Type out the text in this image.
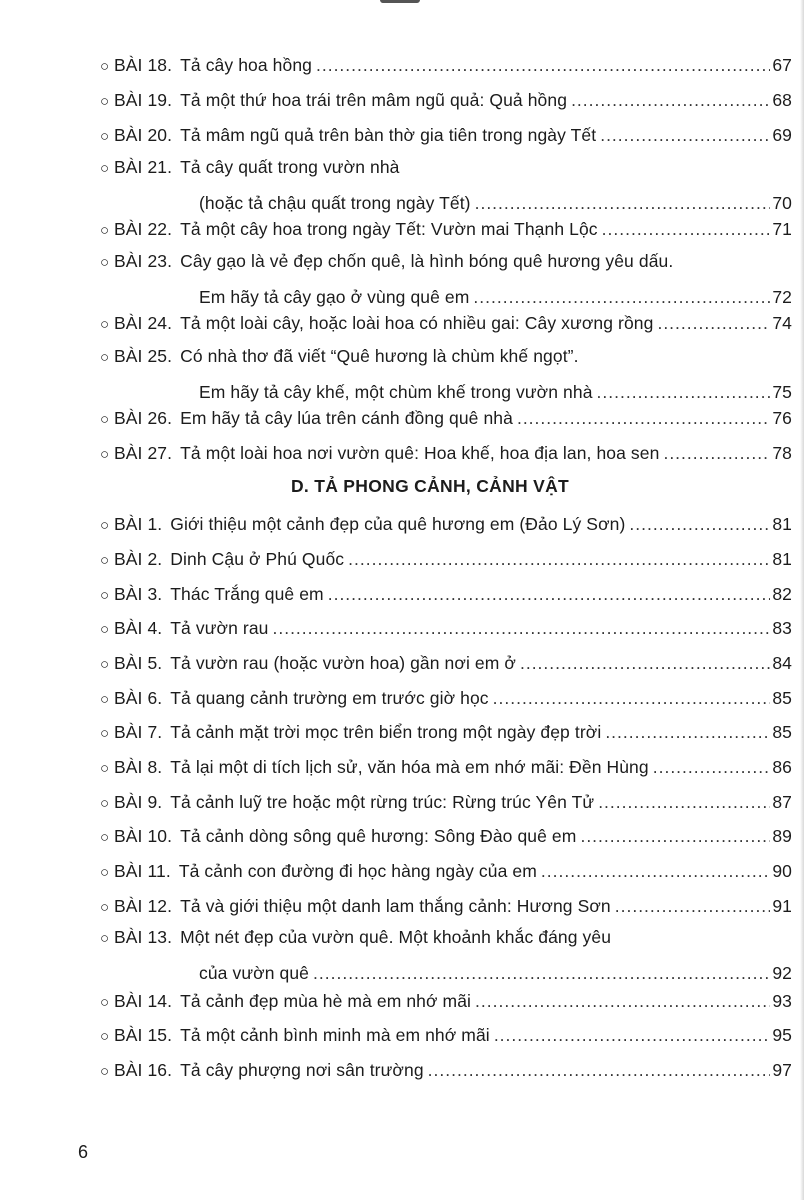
○ BÀI 18. Tả cây hoa hồng .....	67
○ BÀI 19. Tả một thứ hoa trái trên mâm ngũ quả: Quả hồng .....	68
○ BÀI 20. Tả mâm ngũ quả trên bàn thờ gia tiên trong ngày Tết .....	69
○ BÀI 21. Tả cây quất trong vườn nhà
(hoặc tả chậu quất trong ngày Tết) .....	70
○ BÀI 22. Tả một cây hoa trong ngày Tết: Vườn mai Thạnh Lộc .....	71
○ BÀI 23. Cây gạo là vẻ đẹp chốn quê, là hình bóng quê hương yêu dấu.
Em hãy tả cây gạo ở vùng quê em .....	72
○ BÀI 24. Tả một loài cây, hoặc loài hoa có nhiều gai: Cây xương rồng .....	74
○ BÀI 25. Có nhà thơ đã viết “Quê hương là chùm khế ngọt”.
Em hãy tả cây khế, một chùm khế trong vườn nhà .....	75
○ BÀI 26. Em hãy tả cây lúa trên cánh đồng quê nhà .....	76
○ BÀI 27. Tả một loài hoa nơi vườn quê: Hoa khế, hoa địa lan, hoa sen .....	78
D. TẢ PHONG CẢNH, CẢNH VẬT
○ BÀI 1. Giới thiệu một cảnh đẹp của quê hương em (Đảo Lý Sơn) .....	81
○ BÀI 2. Dinh Cậu ở Phú Quốc .....	81
○ BÀI 3. Thác Trắng quê em .....	82
○ BÀI 4. Tả vườn rau .....	83
○ BÀI 5. Tả vườn rau (hoặc vườn hoa) gần nơi em ở .....	84
○ BÀI 6. Tả quang cảnh trường em trước giờ học .....	85
○ BÀI 7. Tả cảnh mặt trời mọc trên biển trong một ngày đẹp trời .....	85
○ BÀI 8. Tả lại một di tích lịch sử, văn hóa mà em nhớ mãi: Đền Hùng .....	86
○ BÀI 9. Tả cảnh luỹ tre hoặc một rừng trúc: Rừng trúc Yên Tử .....	87
○ BÀI 10. Tả cảnh dòng sông quê hương: Sông Đào quê em .....	89
○ BÀI 11. Tả cảnh con đường đi học hàng ngày của em .....	90
○ BÀI 12. Tả và giới thiệu một danh lam thắng cảnh: Hương Sơn .....	91
○ BÀI 13. Một nét đẹp của vườn quê. Một khoảnh khắc đáng yêu
của vườn quê .....	92
○ BÀI 14. Tả cảnh đẹp mùa hè mà em nhớ mãi .....	93
○ BÀI 15. Tả một cảnh bình minh mà em nhớ mãi .....	95
○ BÀI 16. Tả cây phượng nơi sân trường .....	97
6
